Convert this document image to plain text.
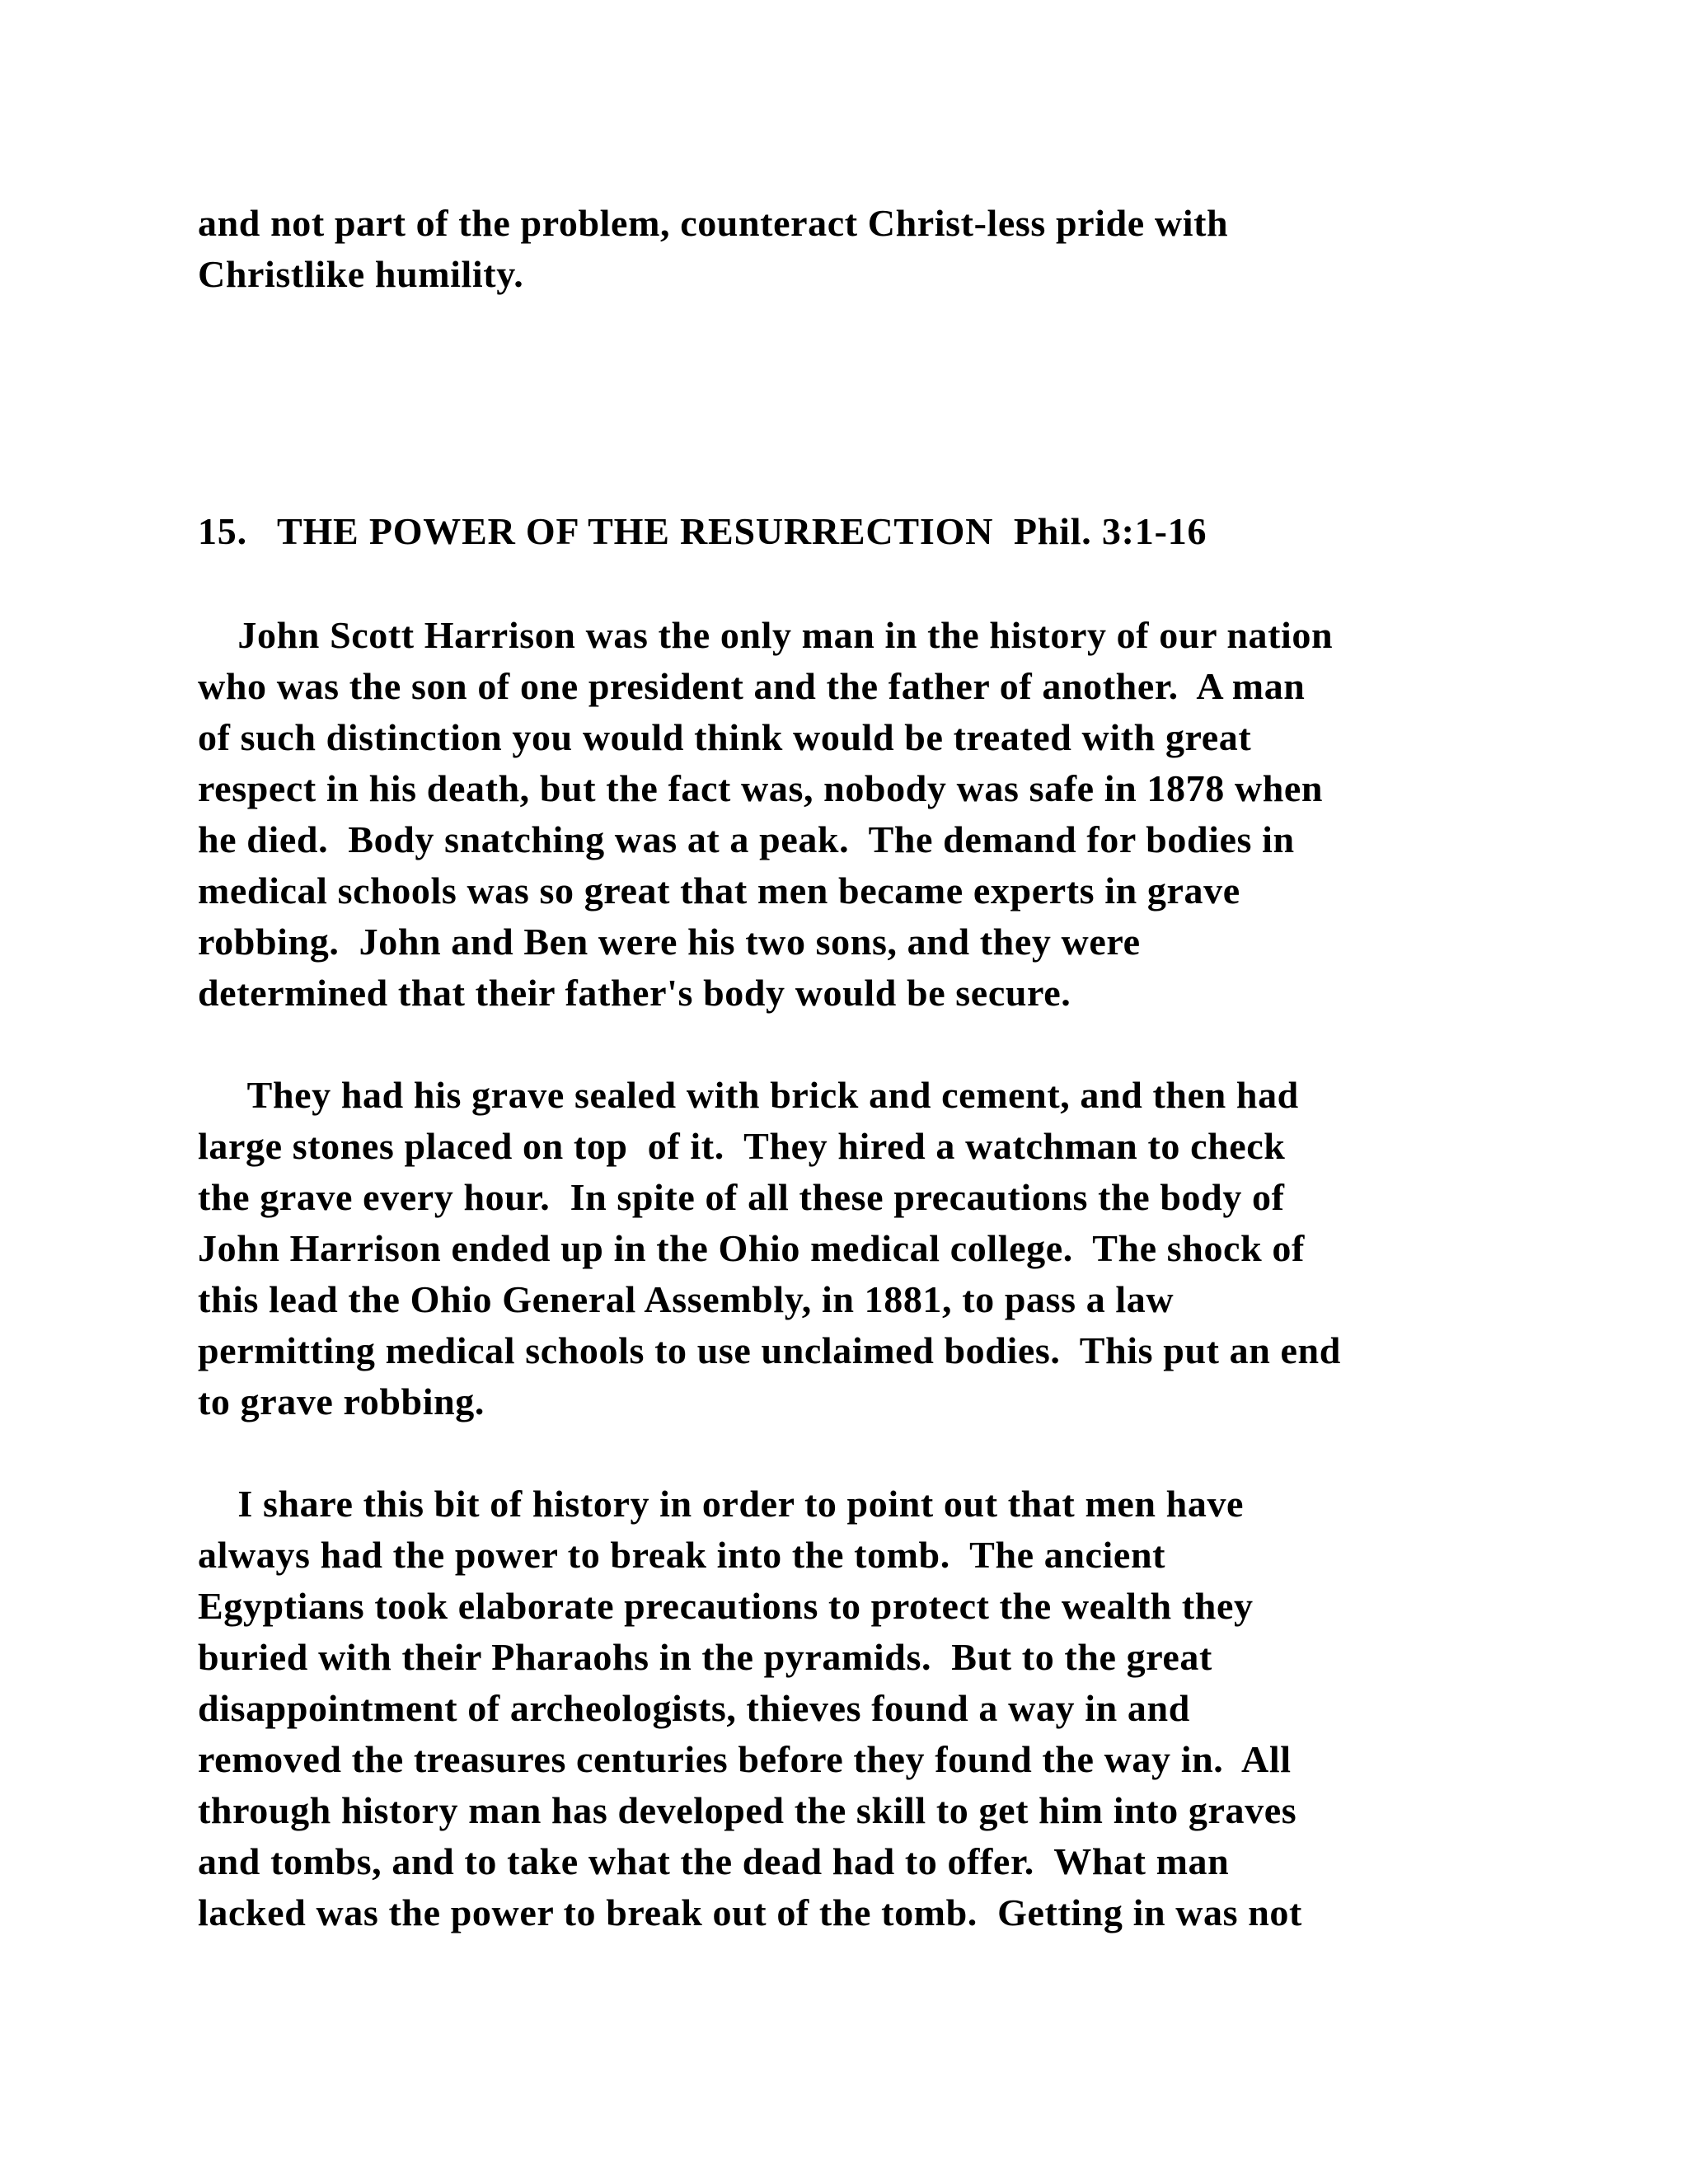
and not part of the problem, counteract Christ-less pride with

Christlike humility.

15. THE POWER OF THE RESURRECTION Phil. 3:1-16

John Scott Harrison was the only man in the history of our nation

who was the son of one president and the father of another.  A man

of such distinction you would think would be treated with great

respect in his death, but the fact was, nobody was safe in 1878 when

he died.  Body snatching was at a peak.  The demand for bodies in

medical schools was so great that men became experts in grave

robbing.  John and Ben were his two sons, and they were

determined that their father's body would be secure.

They had his grave sealed with brick and cement, and then had

large stones placed on top  of it.  They hired a watchman to check

the grave every hour.  In spite of all these precautions the body of

John Harrison ended up in the Ohio medical college.  The shock of

this lead the Ohio General Assembly, in 1881, to pass a law

permitting medical schools to use unclaimed bodies.  This put an end

to grave robbing.

I share this bit of history in order to point out that men have

always had the power to break into the tomb.  The ancient

Egyptians took elaborate precautions to protect the wealth they

buried with their Pharaohs in the pyramids.  But to the great

disappointment of archeologists, thieves found a way in and

removed the treasures centuries before they found the way in.  All

through history man has developed the skill to get him into graves

and tombs, and to take what the dead had to offer.  What man

lacked was the power to break out of the tomb.  Getting in was not
